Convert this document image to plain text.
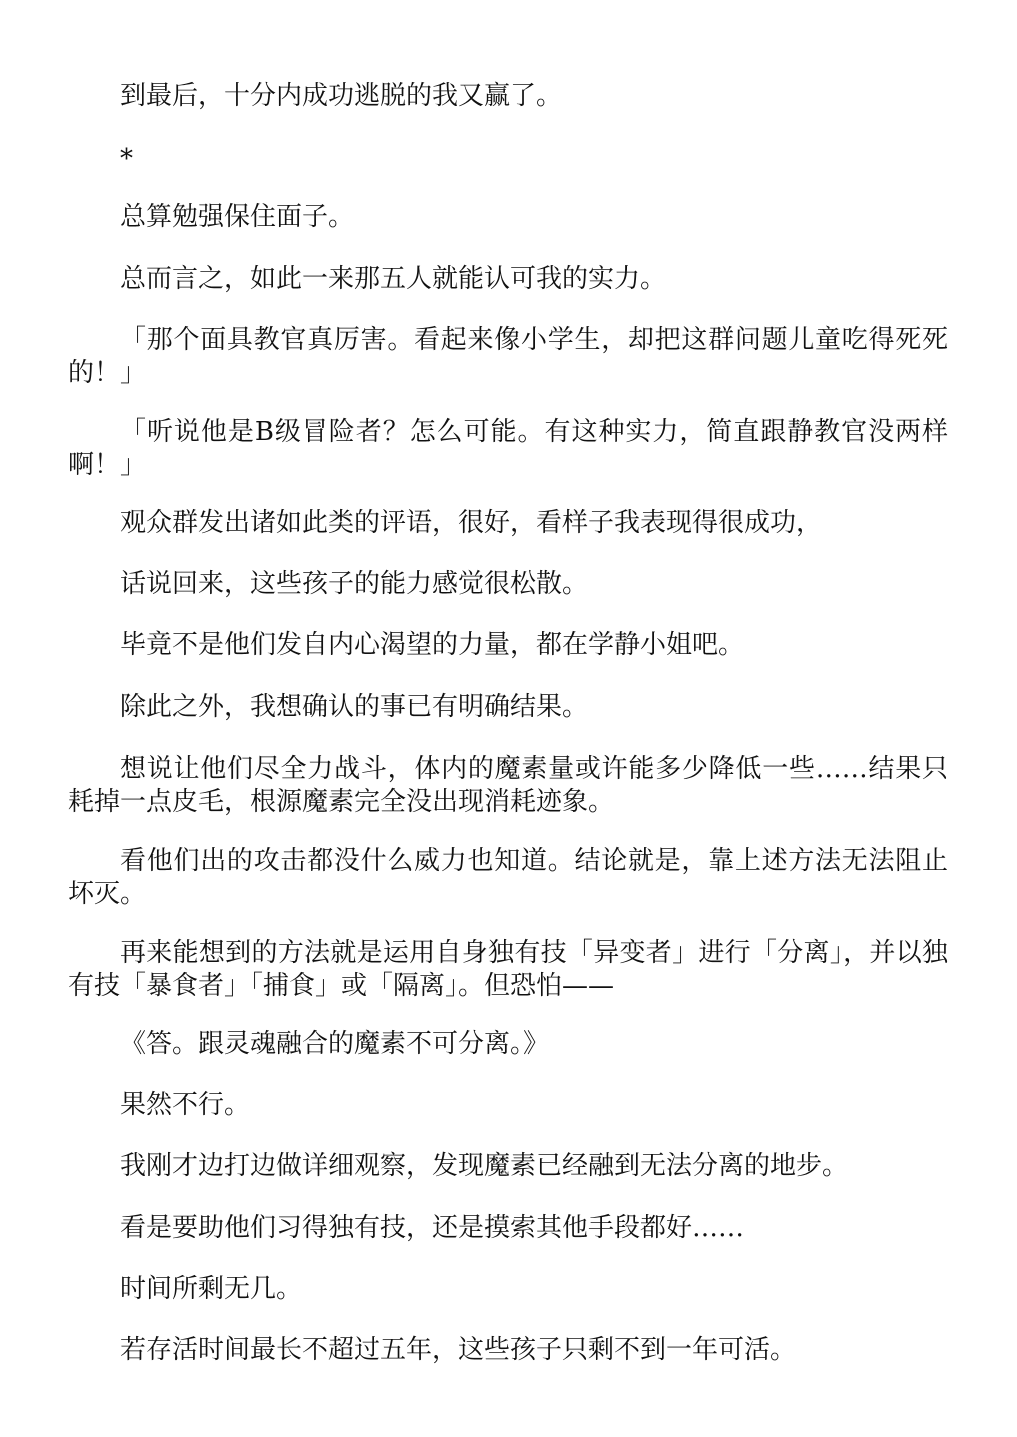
到最后，十分内成功逃脱的我又赢了。

*

总算勉强保住面子。

总而言之，如此一来那五人就能认可我的实力。

「那个面具教官真厉害。看起来像小学生，却把这群问题儿童吃得死死的！」

「听说他是B级冒险者？怎么可能。有这种实力，简直跟静教官没两样啊！」

观众群发出诸如此类的评语，很好，看样子我表现得很成功，

话说回来，这些孩子的能力感觉很松散。

毕竟不是他们发自内心渴望的力量，都在学静小姐吧。

除此之外，我想确认的事已有明确结果。

想说让他们尽全力战斗，体内的魔素量或许能多少降低一些……结果只耗掉一点皮毛，根源魔素完全没出现消耗迹象。

看他们出的攻击都没什么威力也知道。结论就是，靠上述方法无法阻止坏灭。

再来能想到的方法就是运用自身独有技「异变者」进行「分离」，并以独有技「暴食者」「捕食」或「隔离」。但恐怕——

《答。跟灵魂融合的魔素不可分离。》

果然不行。

我刚才边打边做详细观察，发现魔素已经融到无法分离的地步。

看是要助他们习得独有技，还是摸索其他手段都好……

时间所剩无几。

若存活时间最长不超过五年，这些孩子只剩不到一年可活。
